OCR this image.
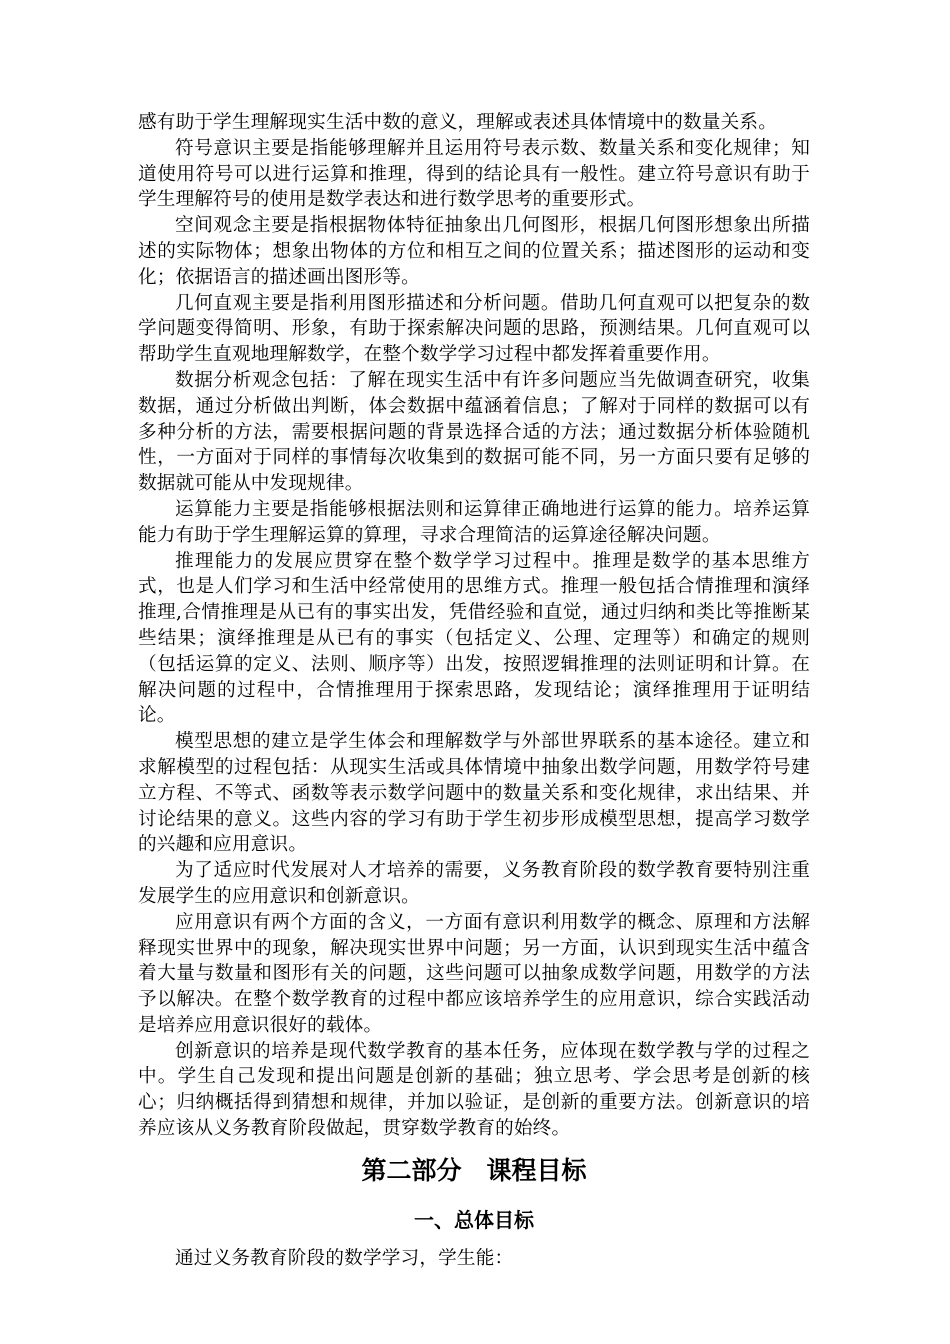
感有助于学生理解现实生活中数的意义，理解或表述具体情境中的数量关系。

符号意识主要是指能够理解并且运用符号表示数、数量关系和变化规律；知道使用符号可以进行运算和推理，得到的结论具有一般性。建立符号意识有助于学生理解符号的使用是数学表达和进行数学思考的重要形式。

空间观念主要是指根据物体特征抽象出几何图形，根据几何图形想象出所描述的实际物体；想象出物体的方位和相互之间的位置关系；描述图形的运动和变化；依据语言的描述画出图形等。

几何直观主要是指利用图形描述和分析问题。借助几何直观可以把复杂的数学问题变得简明、形象，有助于探索解决问题的思路，预测结果。几何直观可以帮助学生直观地理解数学，在整个数学学习过程中都发挥着重要作用。

数据分析观念包括：了解在现实生活中有许多问题应当先做调查研究，收集数据，通过分析做出判断，体会数据中蕴涵着信息；了解对于同样的数据可以有多种分析的方法，需要根据问题的背景选择合适的方法；通过数据分析体验随机性，一方面对于同样的事情每次收集到的数据可能不同，另一方面只要有足够的数据就可能从中发现规律。

运算能力主要是指能够根据法则和运算律正确地进行运算的能力。培养运算能力有助于学生理解运算的算理，寻求合理简洁的运算途径解决问题。

推理能力的发展应贯穿在整个数学学习过程中。推理是数学的基本思维方式，也是人们学习和生活中经常使用的思维方式。推理一般包括合情推理和演绎推理,合情推理是从已有的事实出发，凭借经验和直觉，通过归纳和类比等推断某些结果；演绎推理是从已有的事实（包括定义、公理、定理等）和确定的规则（包括运算的定义、法则、顺序等）出发，按照逻辑推理的法则证明和计算。在解决问题的过程中，合情推理用于探索思路，发现结论；演绎推理用于证明结论。

模型思想的建立是学生体会和理解数学与外部世界联系的基本途径。建立和求解模型的过程包括：从现实生活或具体情境中抽象出数学问题，用数学符号建立方程、不等式、函数等表示数学问题中的数量关系和变化规律，求出结果、并讨论结果的意义。这些内容的学习有助于学生初步形成模型思想，提高学习数学的兴趣和应用意识。

为了适应时代发展对人才培养的需要，义务教育阶段的数学教育要特别注重发展学生的应用意识和创新意识。

应用意识有两个方面的含义，一方面有意识利用数学的概念、原理和方法解释现实世界中的现象，解决现实世界中问题；另一方面，认识到现实生活中蕴含着大量与数量和图形有关的问题，这些问题可以抽象成数学问题，用数学的方法予以解决。在整个数学教育的过程中都应该培养学生的应用意识，综合实践活动是培养应用意识很好的载体。

创新意识的培养是现代数学教育的基本任务，应体现在数学教与学的过程之中。学生自己发现和提出问题是创新的基础；独立思考、学会思考是创新的核心；归纳概括得到猜想和规律，并加以验证，是创新的重要方法。创新意识的培养应该从义务教育阶段做起，贯穿数学教育的始终。

第二部分　课程目标
一、总体目标

通过义务教育阶段的数学学习，学生能：
